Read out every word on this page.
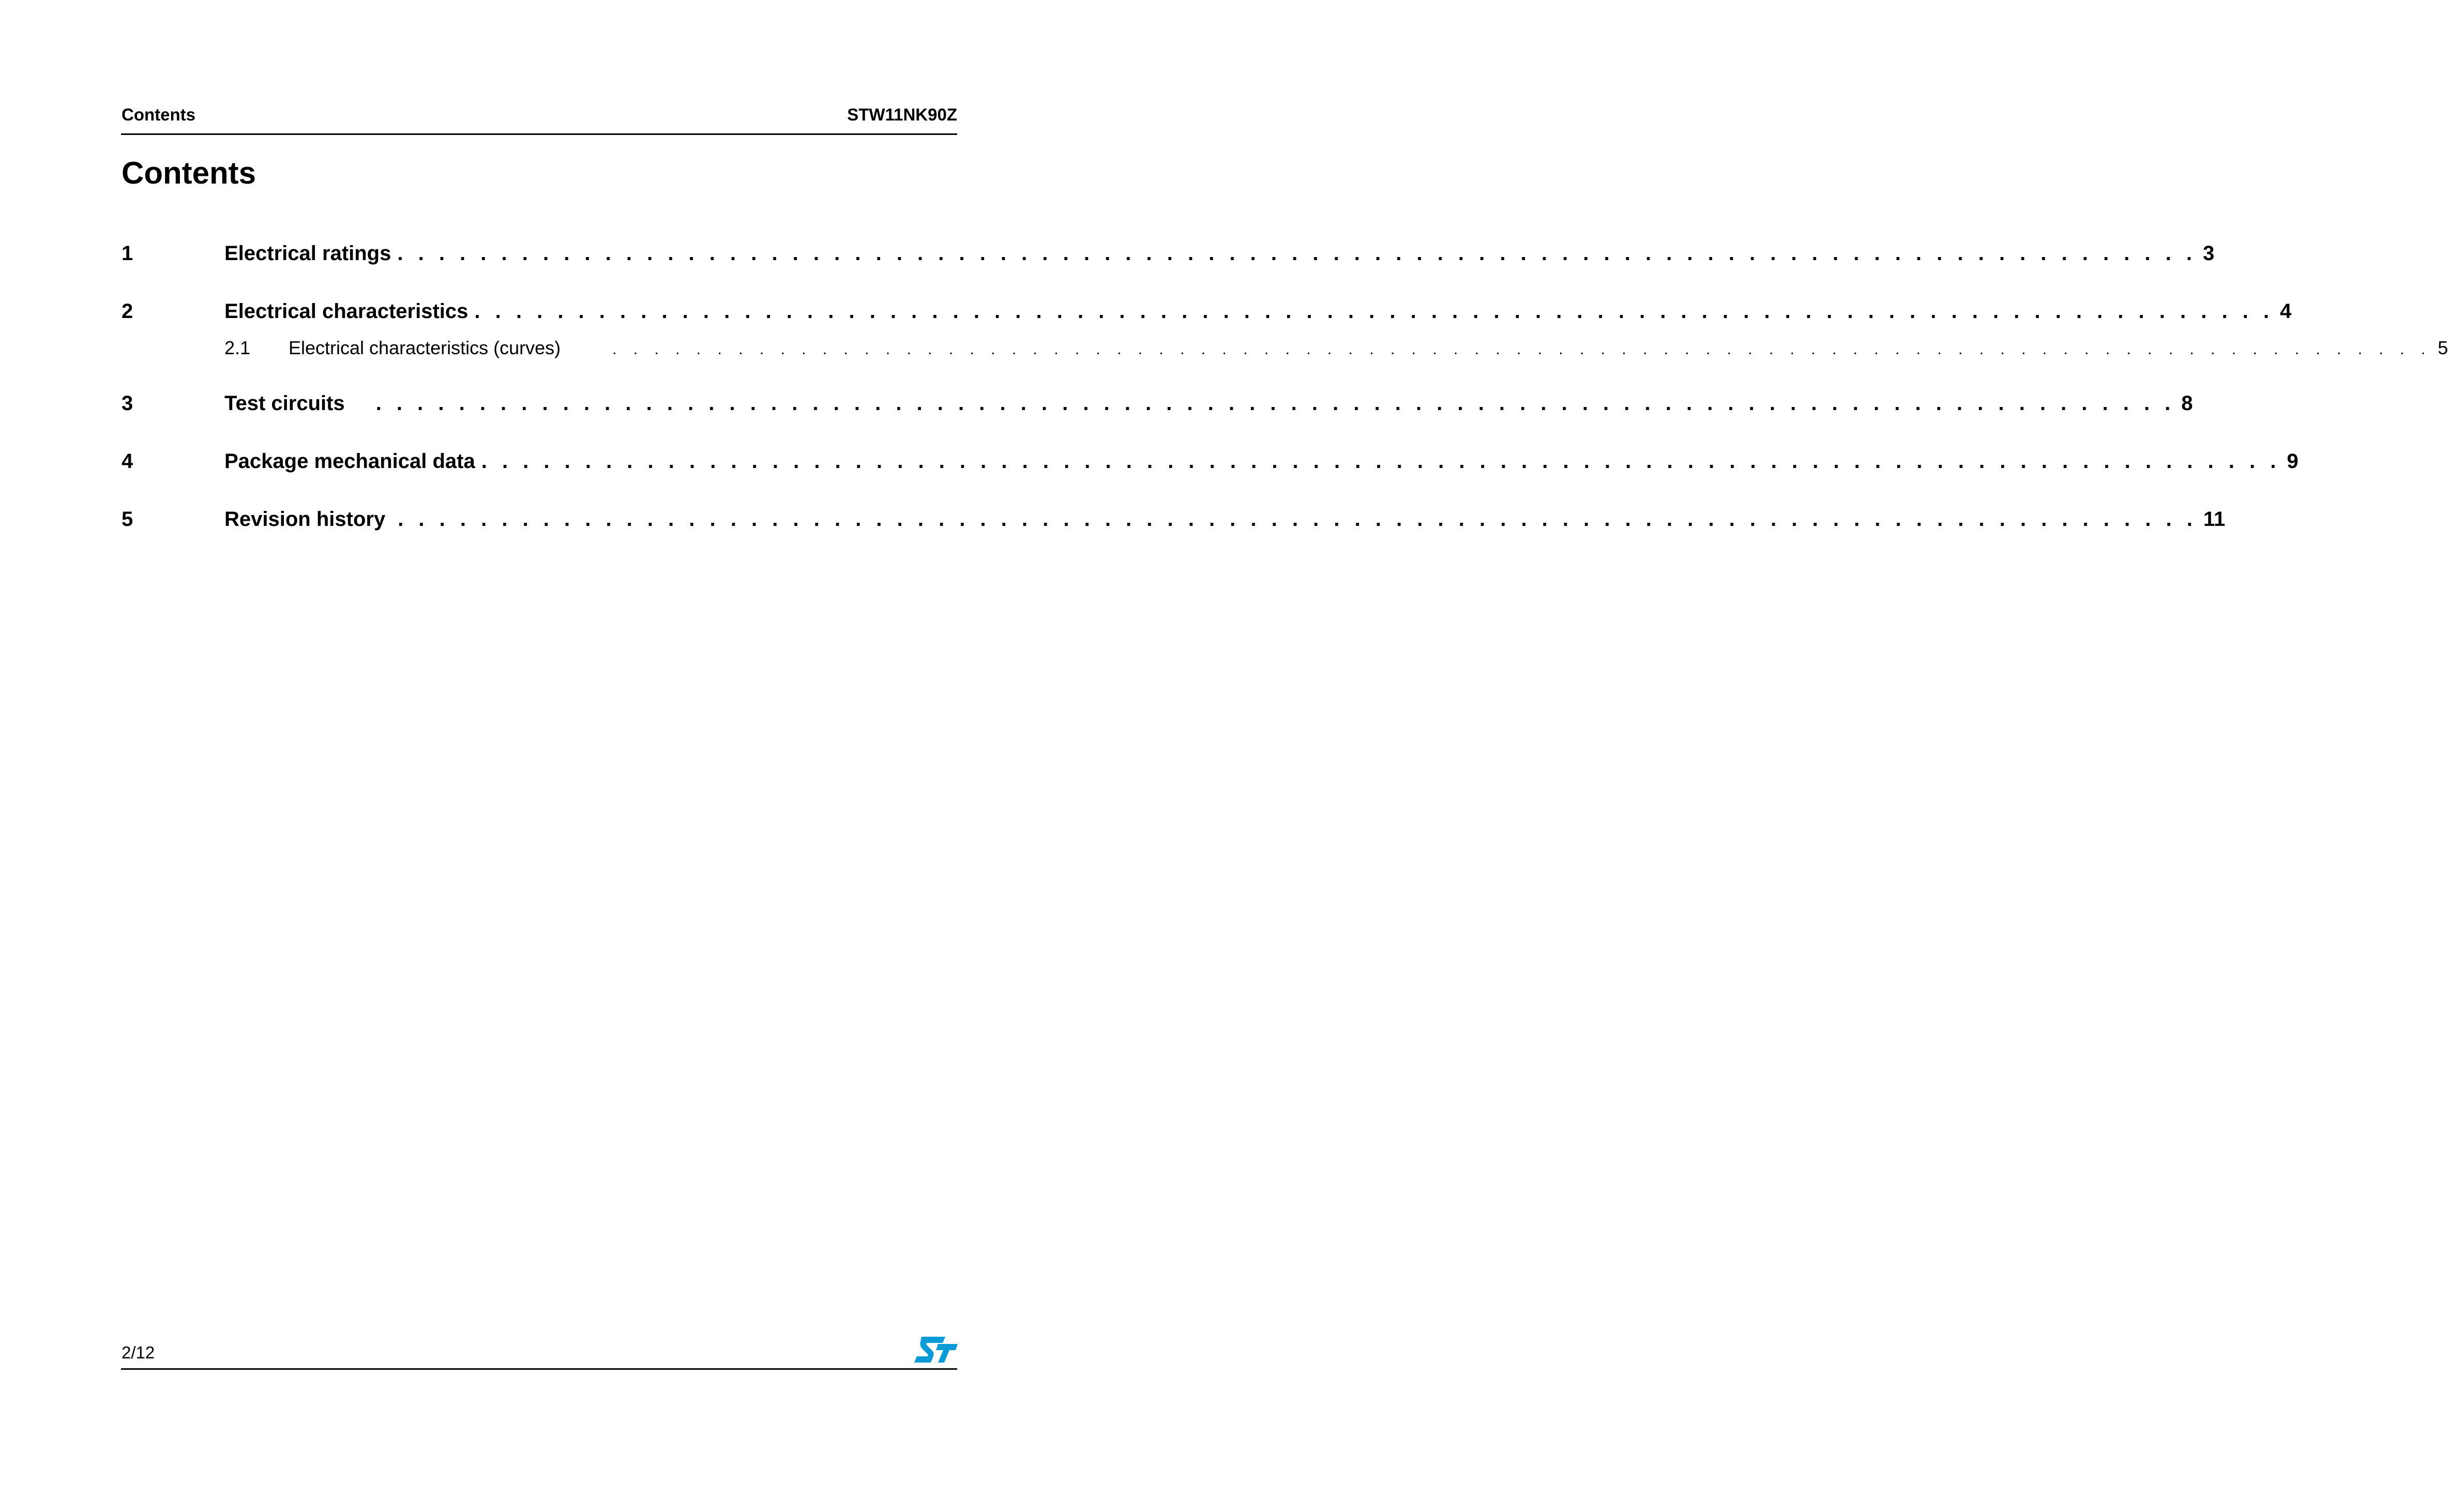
Contents	STW11NK90Z
Contents
1	Electrical ratings . . . . . . . . . . . . . . . . . . . . . . . . . . . . . . . . . . . . . . . . . . . . . . . . . . . . . . . . . . . . . . . . . . . . . . . . . . . . . . . . . . . . . . . 3
2	Electrical characteristics . . . . . . . . . . . . . . . . . . . . . . . . . . . . . . . . . . . . . . . . . . . . . . . . . . . . . . . . . . . . . . . . . . . . . . . . . . . . . . . . . . . . . . . 4
2.1	Electrical characteristics (curves)	. . . . . . . . . . . . . . . . . . . . . . . . . . . . . . . . . . . . . . . . . . . . . . . . . . . . . . . . . . . . . . . . . . . . . . . . . . . . . . . . . . . . . . . 5
3	Test circuits . . . . . . . . . . . . . . . . . . . . . . . . . . . . . . . . . . . . . . . . . . . . . . . . . . . . . . . . . . . . . . . . . . . . . . . . . . . . . . . . . . . . . . . 8
4	Package mechanical data . . . . . . . . . . . . . . . . . . . . . . . . . . . . . . . . . . . . . . . . . . . . . . . . . . . . . . . . . . . . . . . . . . . . . . . . . . . . . . . . . . . . . . . 9
5	Revision history . . . . . . . . . . . . . . . . . . . . . . . . . . . . . . . . . . . . . . . . . . . . . . . . . . . . . . . . . . . . . . . . . . . . . . . . . . . . . . . . . . . . . . . 11
2/12
